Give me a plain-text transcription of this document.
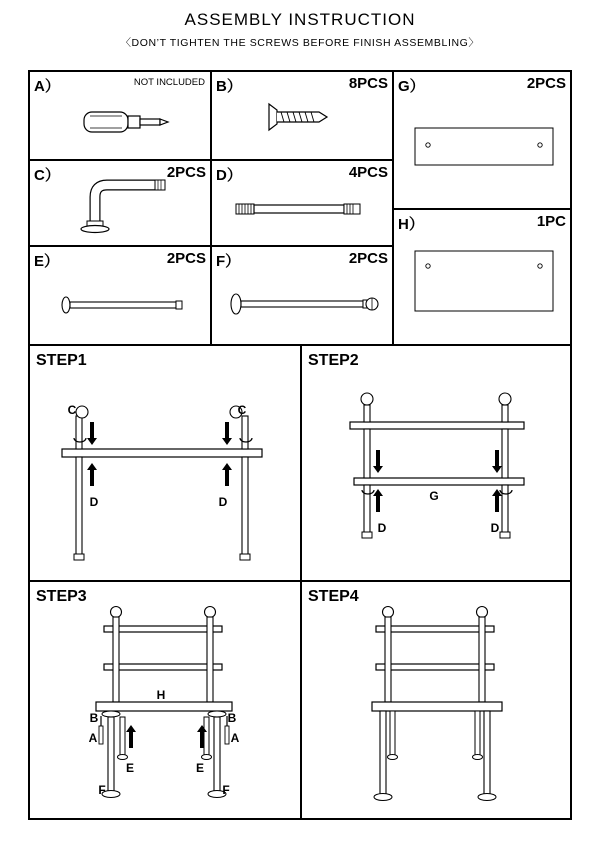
ASSEMBLY INSTRUCTION
〈DON’T TIGHTEN THE SCREWS BEFORE FINISH ASSEMBLING〉
A）	NOT INCLUDED B）	8PCS G）	2PCS
C）	2PCS D）	4PCS
H）	1PC
E）	2PCS F）	2PCS
STEP1
C	C
D	D
STEP2
G
D	D
STEP3
H
B	B
A	A
E	E
F	F
STEP4
